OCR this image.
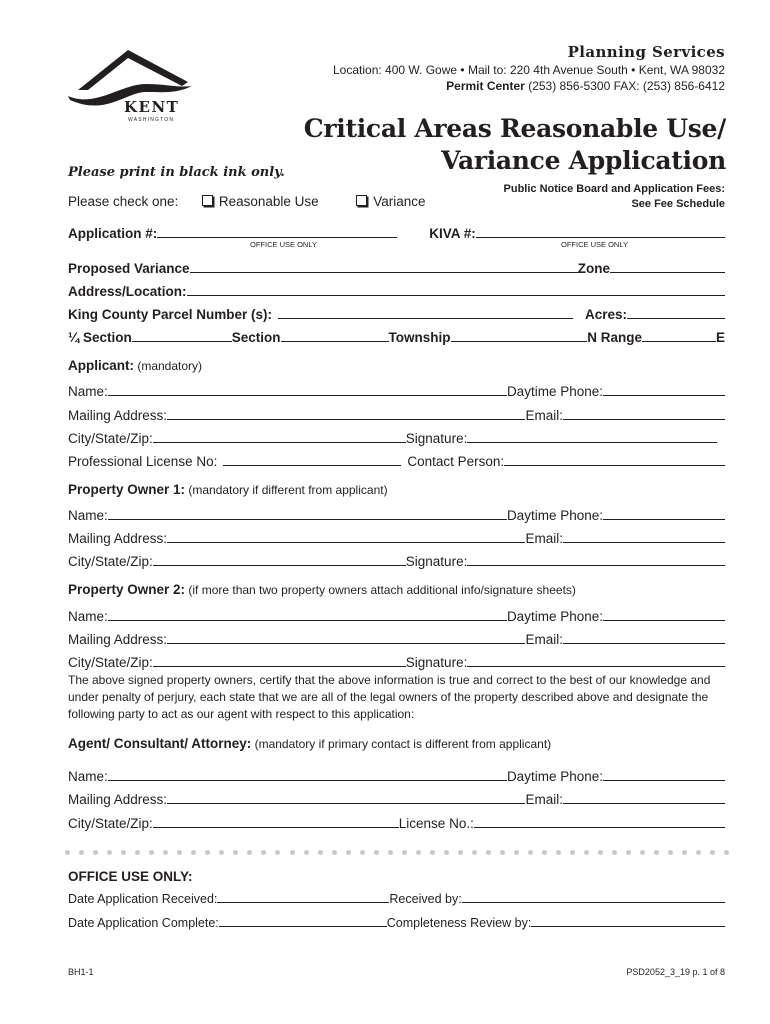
KENT
WASHINGTON
Planning Services
Location: 400 W. Gowe • Mail to: 220 4th Avenue South • Kent, WA 98032
Permit Center (253) 856-5300 FAX: (253) 856-6412
Critical Areas Reasonable Use/
Variance Application
Please print in black ink only.
Public Notice Board and Application Fees:
See Fee Schedule
Please check one:	Reasonable Use	Variance
Application #:	KIVA #:
OFFICE USE ONLY	OFFICE USE ONLY
Proposed Variance	Zone
Address/Location:
King County Parcel Number (s):	Acres:
¼ Section	Section	Township	N Range	E
Applicant: (mandatory)
Name:	Daytime Phone:
Mailing Address:	Email:
City/State/Zip:	Signature:
Professional License No:	Contact Person:
Property Owner 1: (mandatory if different from applicant)
Name:	Daytime Phone:
Mailing Address:	Email:
City/State/Zip:	Signature:
Property Owner 2: (if more than two property owners attach additional info/signature sheets)
Name:	Daytime Phone:
Mailing Address:	Email:
City/State/Zip:	Signature:
The above signed property owners, certify that the above information is true and correct to the best of our knowledge and under penalty of perjury, each state that we are all of the legal owners of the property described above and designate the following party to act as our agent with respect to this application:
Agent/ Consultant/ Attorney: (mandatory if primary contact is different from applicant)
Name:	Daytime Phone:
Mailing Address:	Email:
City/State/Zip:	License No.:
OFFICE USE ONLY:
Date Application Received:	Received by:
Date Application Complete:	Completeness Review by:
BH1-1	PSD2052_3_19 p. 1 of 8
